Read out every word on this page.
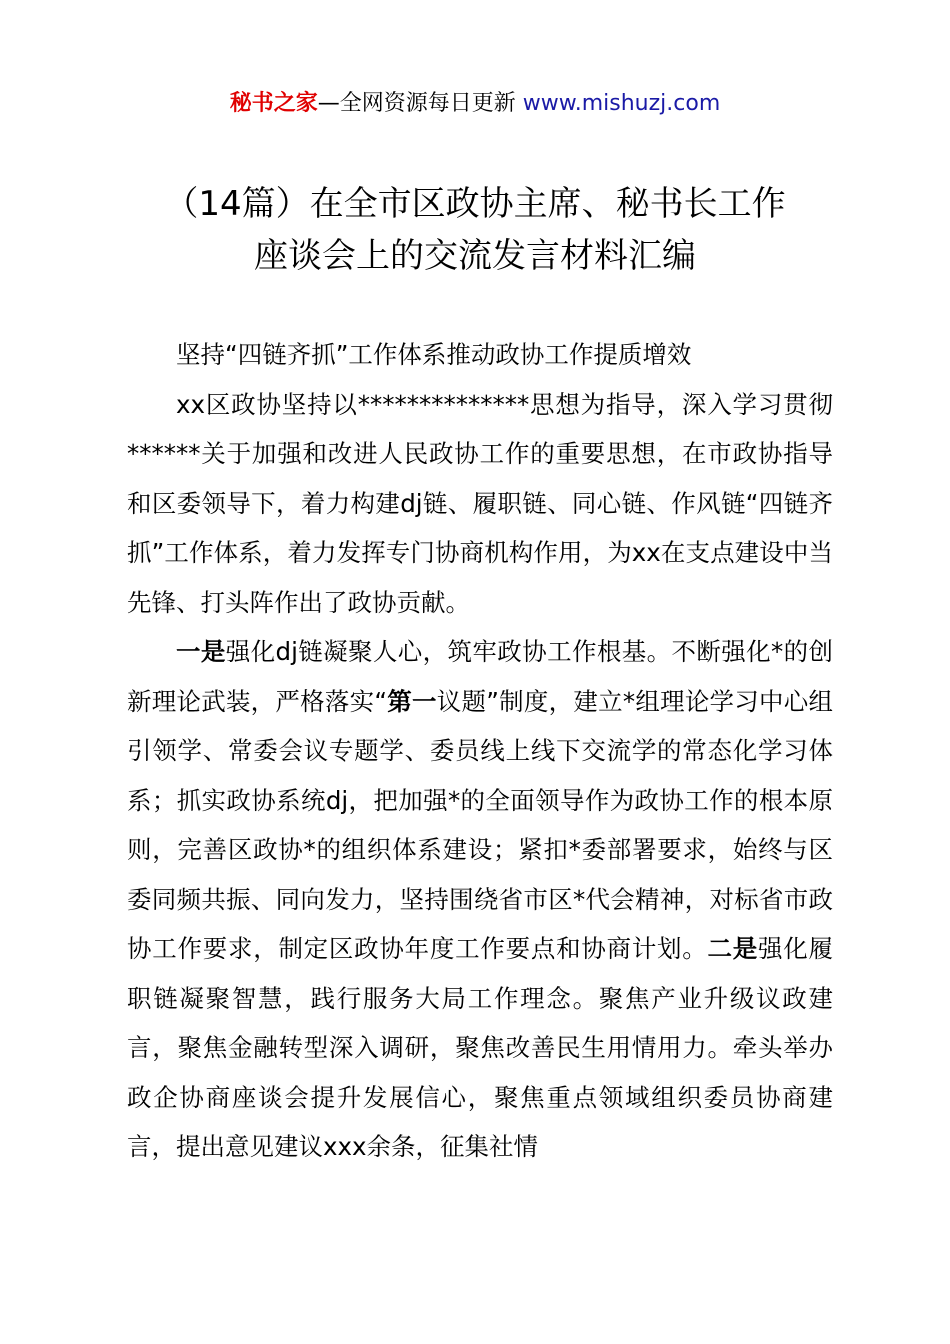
秘书之家—全网资源每日更新 www.mishuzj.com
（14篇）在全市区政协主席、秘书长工作
座谈会上的交流发言材料汇编

坚持“四链齐抓”工作体系推动政协工作提质增效

xx区政协坚持以**************思想为指导，深入学习贯彻******关于加强和改进人民政协工作的重要思想，在市政协指导和区委领导下，着力构建dj链、履职链、同心链、作风链“四链齐抓”工作体系，着力发挥专门协商机构作用，为xx在支点建设中当先锋、打头阵作出了政协贡献。

一是强化dj链凝聚人心，筑牢政协工作根基。不断强化*的创新理论武装，严格落实“第一议题”制度，建立*组理论学习中心组引领学、常委会议专题学、委员线上线下交流学的常态化学习体系；抓实政协系统dj，把加强*的全面领导作为政协工作的根本原则，完善区政协*的组织体系建设；紧扣*委部署要求，始终与区委同频共振、同向发力，坚持围绕省市区*代会精神，对标省市政协工作要求，制定区政协年度工作要点和协商计划。二是强化履职链凝聚智慧，践行服务大局工作理念。聚焦产业升级议政建言，聚焦金融转型深入调研，聚焦改善民生用情用力。牵头举办政企协商座谈会提升发展信心，聚焦重点领域组织委员协商建言，提出意见建议xxx余条，征集社情
